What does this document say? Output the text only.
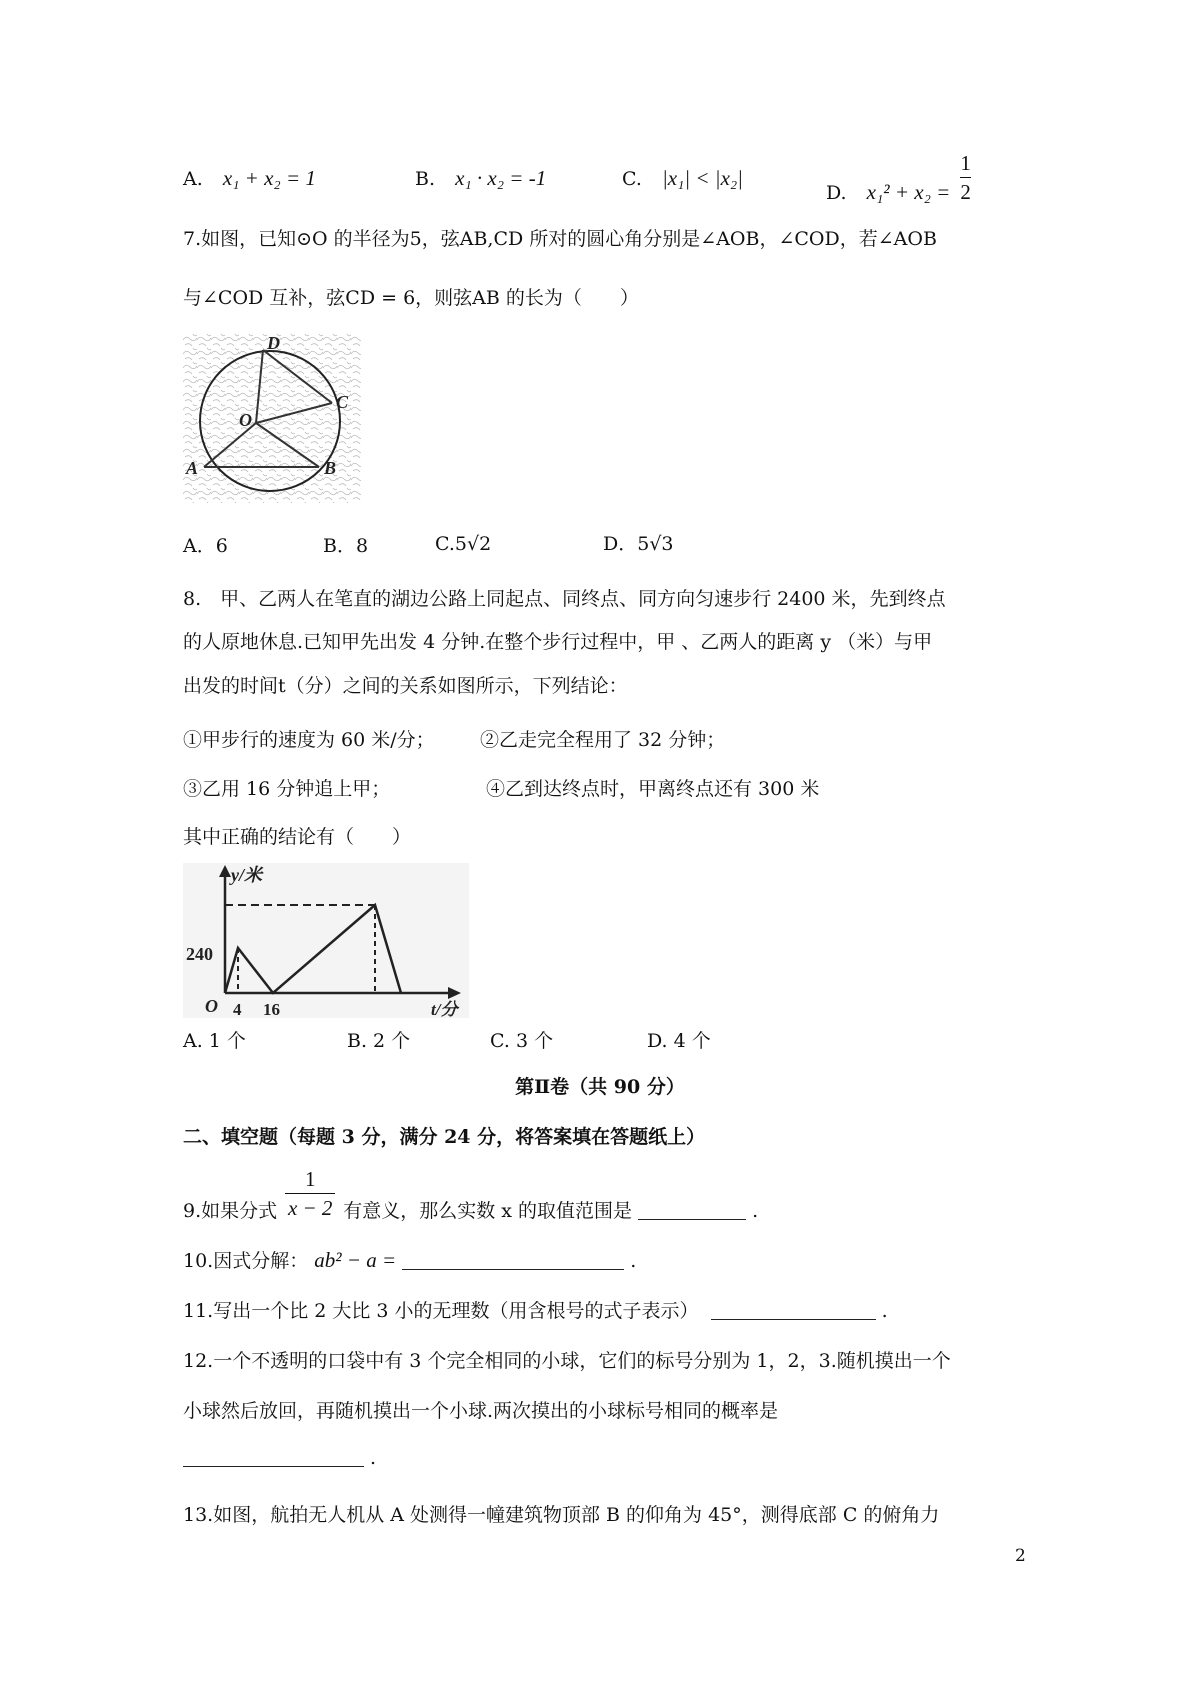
A. x₁ + x₂ = 1	B. x₁ · x₂ = -1	C. |x₁| < |x₂|
D. $x_1^2 + x_2 = \frac{1}{2}$
7.如图，已知⊙O 的半径为5，弦AB,CD 所对的圆心角分别是∠AOB，∠COD，若∠AOB
与∠COD 互补，弦CD = 6，则弦AB 的长为（　　）
D
O
C
A	B
A．6	B．8	C.5√2	D．5√3
8.　甲、乙两人在笔直的湖边公路上同起点、同终点、同方向匀速步行 2400 米，先到终点
的人原地休息.已知甲先出发 4 分钟.在整个步行过程中，甲 、乙两人的距离 y （米）与甲
出发的时间t（分）之间的关系如图所示，下列结论：
①甲步行的速度为 60 米/分； ②乙走完全程用了 32 分钟；
③乙用 16 分钟追上甲；	④乙到达终点时，甲离终点还有 300 米
其中正确的结论有（　　）
y/米
240
O 4 16	t/分
A. 1 个	B. 2 个	C. 3 个	D. 4 个
第Ⅱ卷（共 90 分）
二、填空题（每题 3 分，满分 24 分，将答案填在答题纸上）
9.如果分式 $\frac{1}{x - 2}$ 有意义，那么实数 x 的取值范围是	.
10.因式分解： ab² − a =	.
11.写出一个比 2 大比 3 小的无理数（用含根号的式子表示）	.
12.一个不透明的口袋中有 3 个完全相同的小球，它们的标号分别为 1，2，3.随机摸出一个
小球然后放回，再随机摸出一个小球.两次摸出的小球标号相同的概率是
.
13.如图，航拍无人机从 A 处测得一幢建筑物顶部 B 的仰角为 45°，测得底部 C 的俯角力
2
